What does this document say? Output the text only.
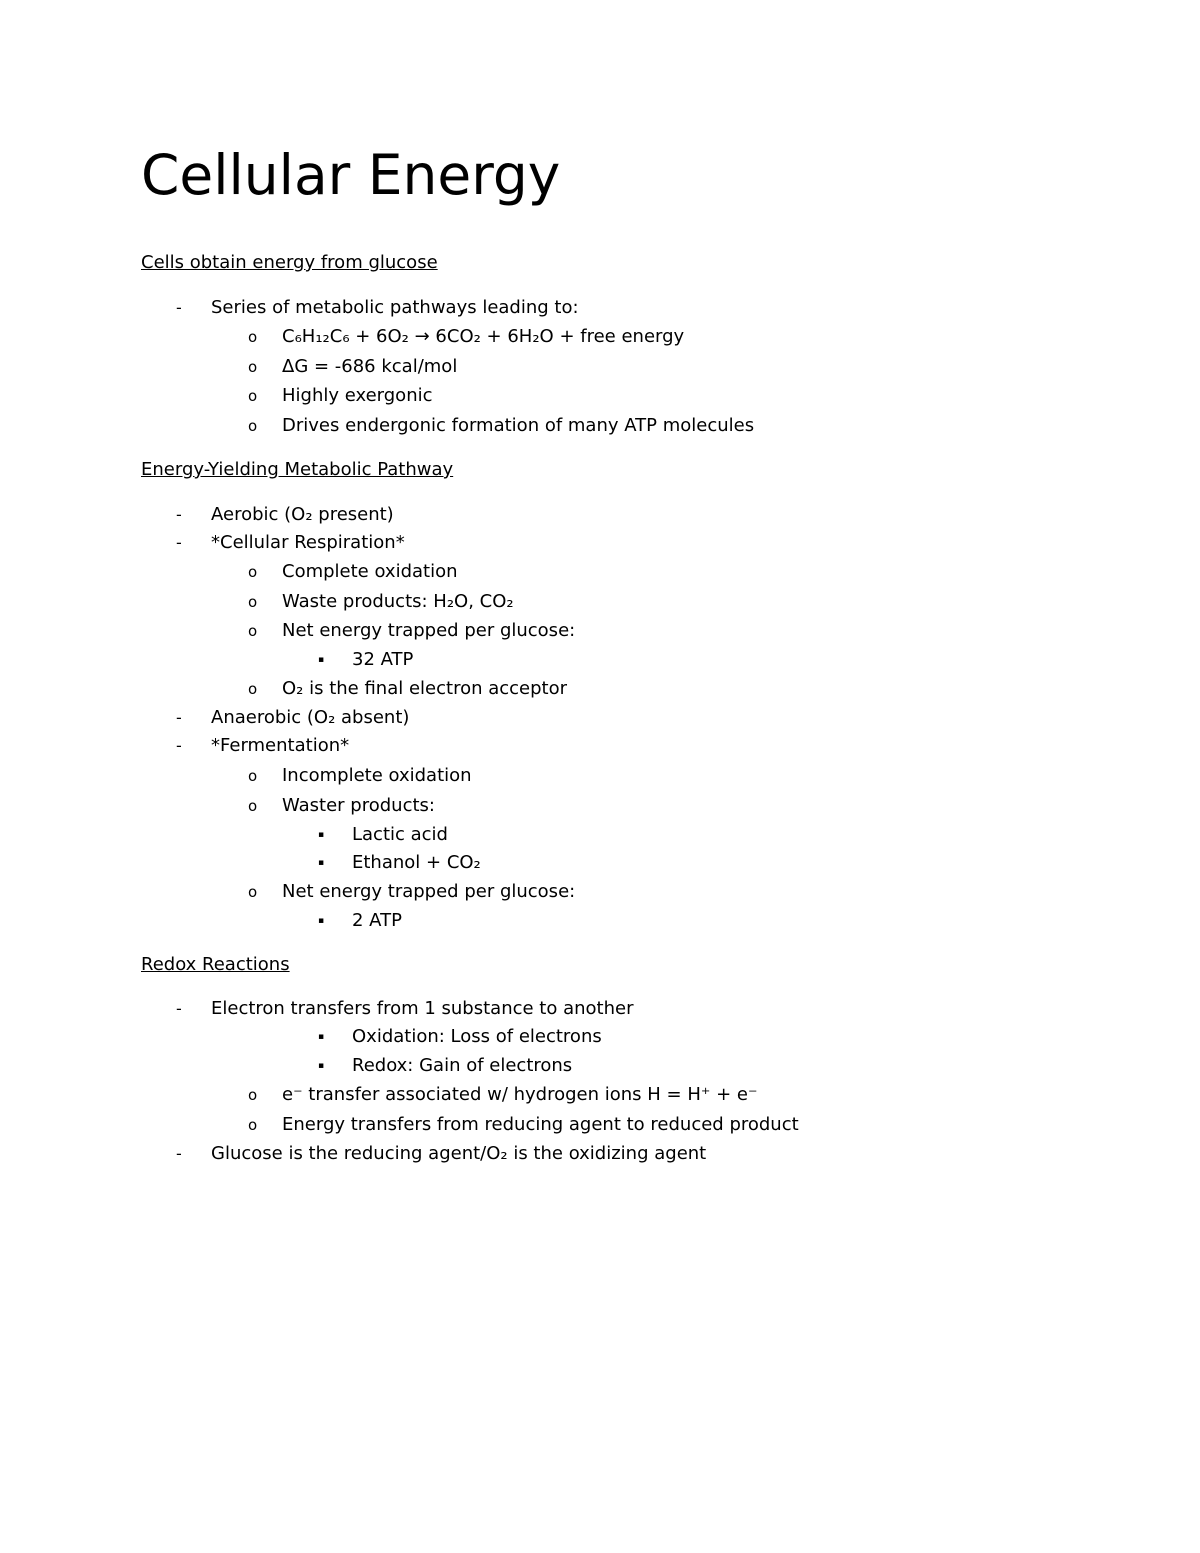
Cellular Energy
Cells obtain energy from glucose
- Series of metabolic pathways leading to:
o C₆H₁₂C₆ + 6O₂ → 6CO₂ + 6H₂O + free energy
o ΔG = -686 kcal/mol
o Highly exergonic
o Drives endergonic formation of many ATP molecules
Energy-Yielding Metabolic Pathway
- Aerobic (O₂ present)
- *Cellular Respiration*
o Complete oxidation
o Waste products: H₂O, CO₂
o Net energy trapped per glucose:
▪ 32 ATP
o O₂ is the final electron acceptor
- Anaerobic (O₂ absent)
- *Fermentation*
o Incomplete oxidation
o Waster products:
▪ Lactic acid
▪ Ethanol + CO₂
o Net energy trapped per glucose:
▪ 2 ATP
Redox Reactions
- Electron transfers from 1 substance to another
▪ Oxidation: Loss of electrons
▪ Redox: Gain of electrons
o e⁻ transfer associated w/ hydrogen ions H = H⁺ + e⁻
o Energy transfers from reducing agent to reduced product
- Glucose is the reducing agent/O₂ is the oxidizing agent
